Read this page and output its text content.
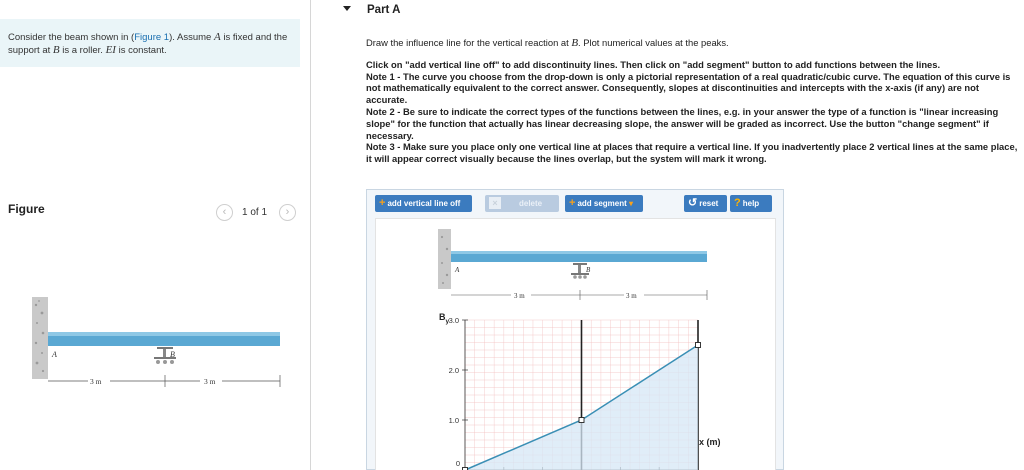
Consider the beam shown in (Figure 1). Assume A is fixed and the support at B is a roller. EI is constant.
Figure	‹	1 of 1	›
A	B
3 m	3 m
Part A
Draw the influence line for the vertical reaction at B. Plot numerical values at the peaks.
Click on "add vertical line off" to add discontinuity lines. Then click on "add segment" button to add functions between the lines.
Note 1 - The curve you choose from the drop-down is only a pictorial representation of a real quadratic/cubic curve. The equation of this curve is not mathematically equivalent to the correct answer. Consequently, slopes at discontinuities and intercepts with the x-axis (if any) are not accurate.
Note 2 - Be sure to indicate the correct types of the functions between the lines, e.g. in your answer the type of a function is "linear increasing slope" for the function that actually has linear decreasing slope, the answer will be graded as incorrect. Use the button "change segment" if necessary.
Note 3 - Make sure you place only one vertical line at places that require a vertical line. If you inadvertently place 2 vertical lines at the same place, it will appear correct visually because the lines overlap, but the system will mark it wrong.
+ add vertical line off	×	delete	+ add segment ▾	↺ reset	? help
A	B
3 m	3 m
3.0
2.0
1.0
0
$B_y$
x (m)
